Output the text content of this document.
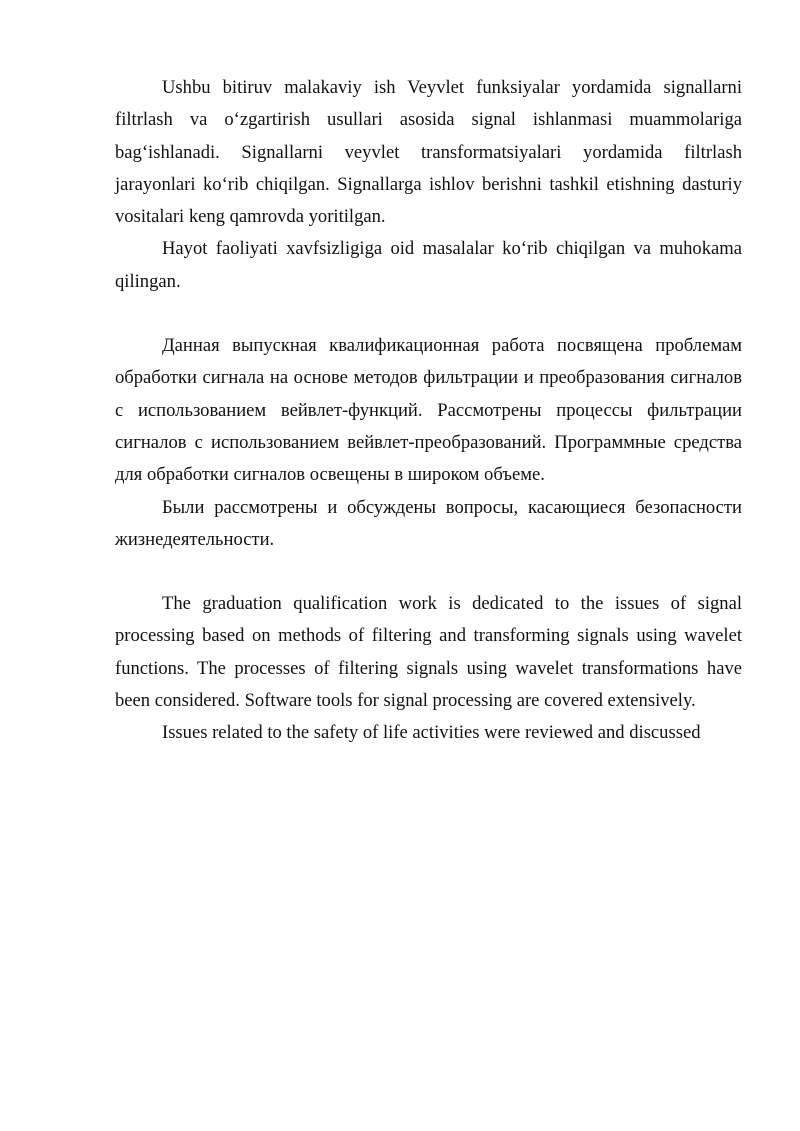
Ushbu bitiruv malakaviy ish Veyvlet funksiyalar yordamida signallarni filtrlash va o‘zgartirish usullari asosida signal ishlanmasi muammolariga bag‘ishlanadi. Signallarni veyvlet transformatsiyalari yordamida filtrlash jarayonlari ko‘rib chiqilgan. Signallarga ishlov berishni tashkil etishning dasturiy vositalari keng qamrovda yoritilgan.

Hayot faoliyati xavfsizligiga oid masalalar ko‘rib chiqilgan va muhokama qilingan.

Данная выпускная квалификационная работа посвящена проблемам обработки сигнала на основе методов фильтрации и преобразования сигналов с использованием вейвлет-функций. Рассмотрены процессы фильтрации сигналов с использованием вейвлет-преобразований. Программные средства для обработки сигналов освещены в широком объеме.

Были рассмотрены и обсуждены вопросы, касающиеся безопасности жизнедеятельности.

The graduation qualification work is dedicated to the issues of signal processing based on methods of filtering and transforming signals using wavelet functions. The processes of filtering signals using wavelet transformations have been considered. Software tools for signal processing are covered extensively.

Issues related to the safety of life activities were reviewed and discussed
